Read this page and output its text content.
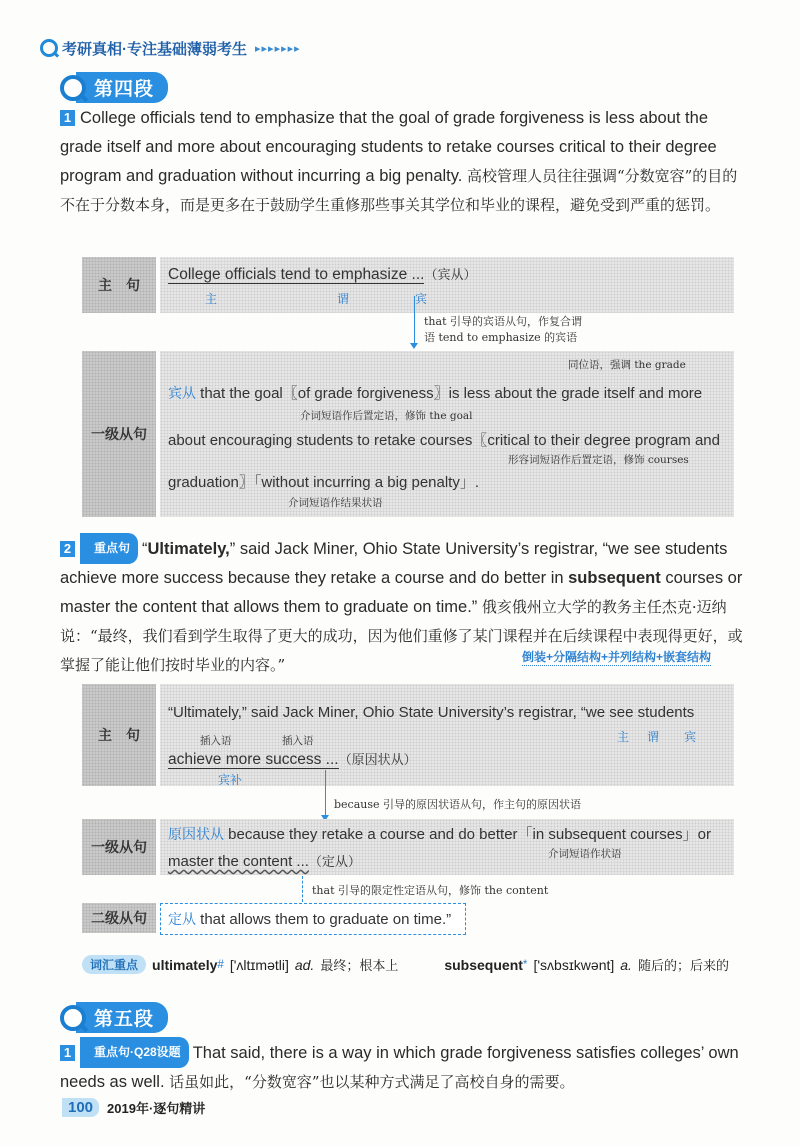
考研真相·专注基础薄弱考生 ▸▸▸▸▸▸▸
第四段
1 College officials tend to emphasize that the goal of grade forgiveness is less about the grade itself and more about encouraging students to retake courses critical to their degree program and graduation without incurring a big penalty. 高校管理人员往往强调“分数宽容”的目的不在于分数本身，而是更多在于鼓励学生重修那些事关其学位和毕业的课程，避免受到严重的惩罚。
主　句
College officials tend to emphasize ...（宾从）
主	谓	宾
that 引导的宾语从句，作复合谓
语 tend to emphasize 的宾语
一级从句
同位语，强调 the grade
宾从 that the goal〖of grade forgiveness〗is less about the grade itself and more
介词短语作后置定语，修饰 the goal
about encouraging students to retake courses〖critical to their degree program and
形容词短语作后置定语，修饰 courses
graduation〗「without incurring a big penalty」.
介词短语作结果状语
2 重点句 “Ultimately,” said Jack Miner, Ohio State University’s registrar, “we see students achieve more success because they retake a course and do better in subsequent courses or master the content that allows them to graduate on time.” 俄亥俄州立大学的教务主任杰克·迈纳说：“最终，我们看到学生取得了更大的成功，因为他们重修了某门课程并在后续课程中表现得更好，或掌握了能让他们按时毕业的内容。”	倒装+分隔结构+并列结构+嵌套结构
主　句
“Ultimately,” said Jack Miner, Ohio State University’s registrar, “we see students
插入语	插入语	主 谓 宾
achieve more success ...（原因状从）
宾补
because 引导的原因状语从句，作主句的原因状语
一级从句
原因状从 because they retake a course and do better「in subsequent courses」or
介词短语作状语
master the content ...（定从）
that 引导的限定性定语从句，修饰 the content
二级从句	定从 that allows them to graduate on time.”
词汇重点	ultimately # ['ʌltɪmətli] ad. 最终；根本上	subsequent * ['sʌbsɪkwənt] a. 随后的；后来的
第五段
1 重点句·Q28设题 That said, there is a way in which grade forgiveness satisfies colleges’ own needs as well. 话虽如此，“分数宽容”也以某种方式满足了高校自身的需要。
100	2019年·逐句精讲
